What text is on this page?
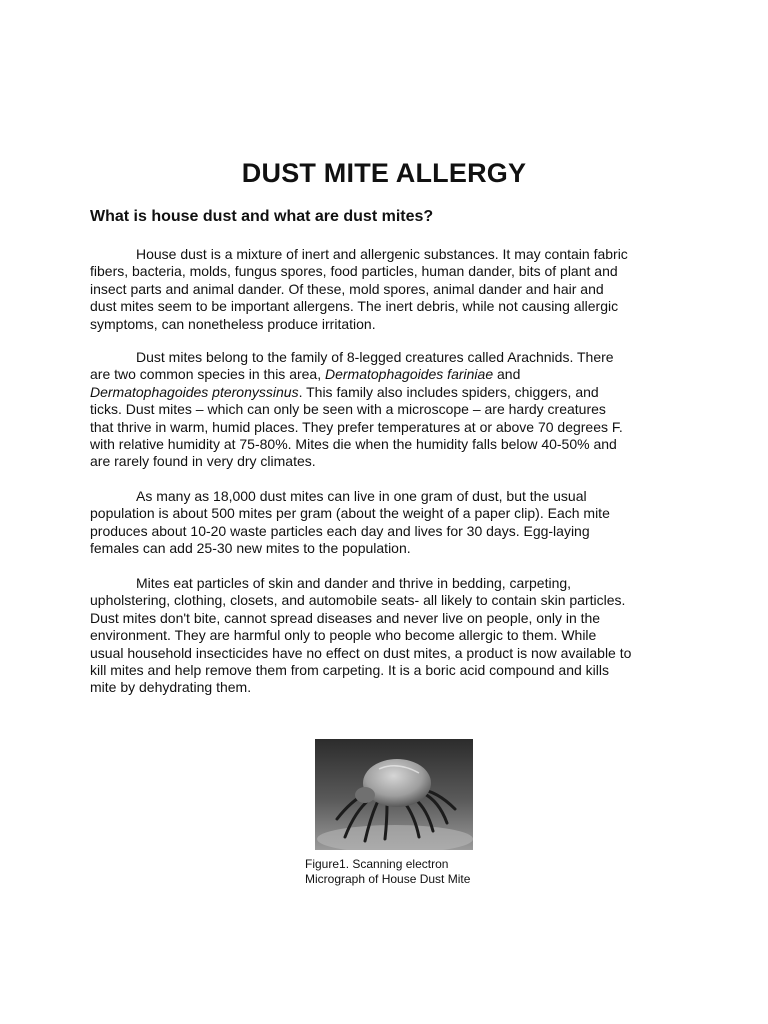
DUST MITE ALLERGY
What is house dust and what are dust mites?

House dust is a mixture of inert and allergenic substances. It may contain fabric
fibers, bacteria, molds, fungus spores, food particles, human dander, bits of plant and
insect parts and animal dander. Of these, mold spores, animal dander and hair and
dust mites seem to be important allergens. The inert debris, while not causing allergic
symptoms, can nonetheless produce irritation.

Dust mites belong to the family of 8-legged creatures called Arachnids. There
are two common species in this area, Dermatophagoides fariniae and
Dermatophagoides pteronyssinus. This family also includes spiders, chiggers, and
ticks. Dust mites – which can only be seen with a microscope – are hardy creatures
that thrive in warm, humid places. They prefer temperatures at or above 70 degrees F.
with relative humidity at 75-80%. Mites die when the humidity falls below 40-50% and
are rarely found in very dry climates.

As many as 18,000 dust mites can live in one gram of dust, but the usual
population is about 500 mites per gram (about the weight of a paper clip). Each mite
produces about 10-20 waste particles each day and lives for 30 days. Egg-laying
females can add 25-30 new mites to the population.

Mites eat particles of skin and dander and thrive in bedding, carpeting,
upholstering, clothing, closets, and automobile seats- all likely to contain skin particles.
Dust mites don't bite, cannot spread diseases and never live on people, only in the
environment. They are harmful only to people who become allergic to them. While
usual household insecticides have no effect on dust mites, a product is now available to
kill mites and help remove them from carpeting. It is a boric acid compound and kills
mite by dehydrating them.

Figure1. Scanning electron
Micrograph of House Dust Mite
